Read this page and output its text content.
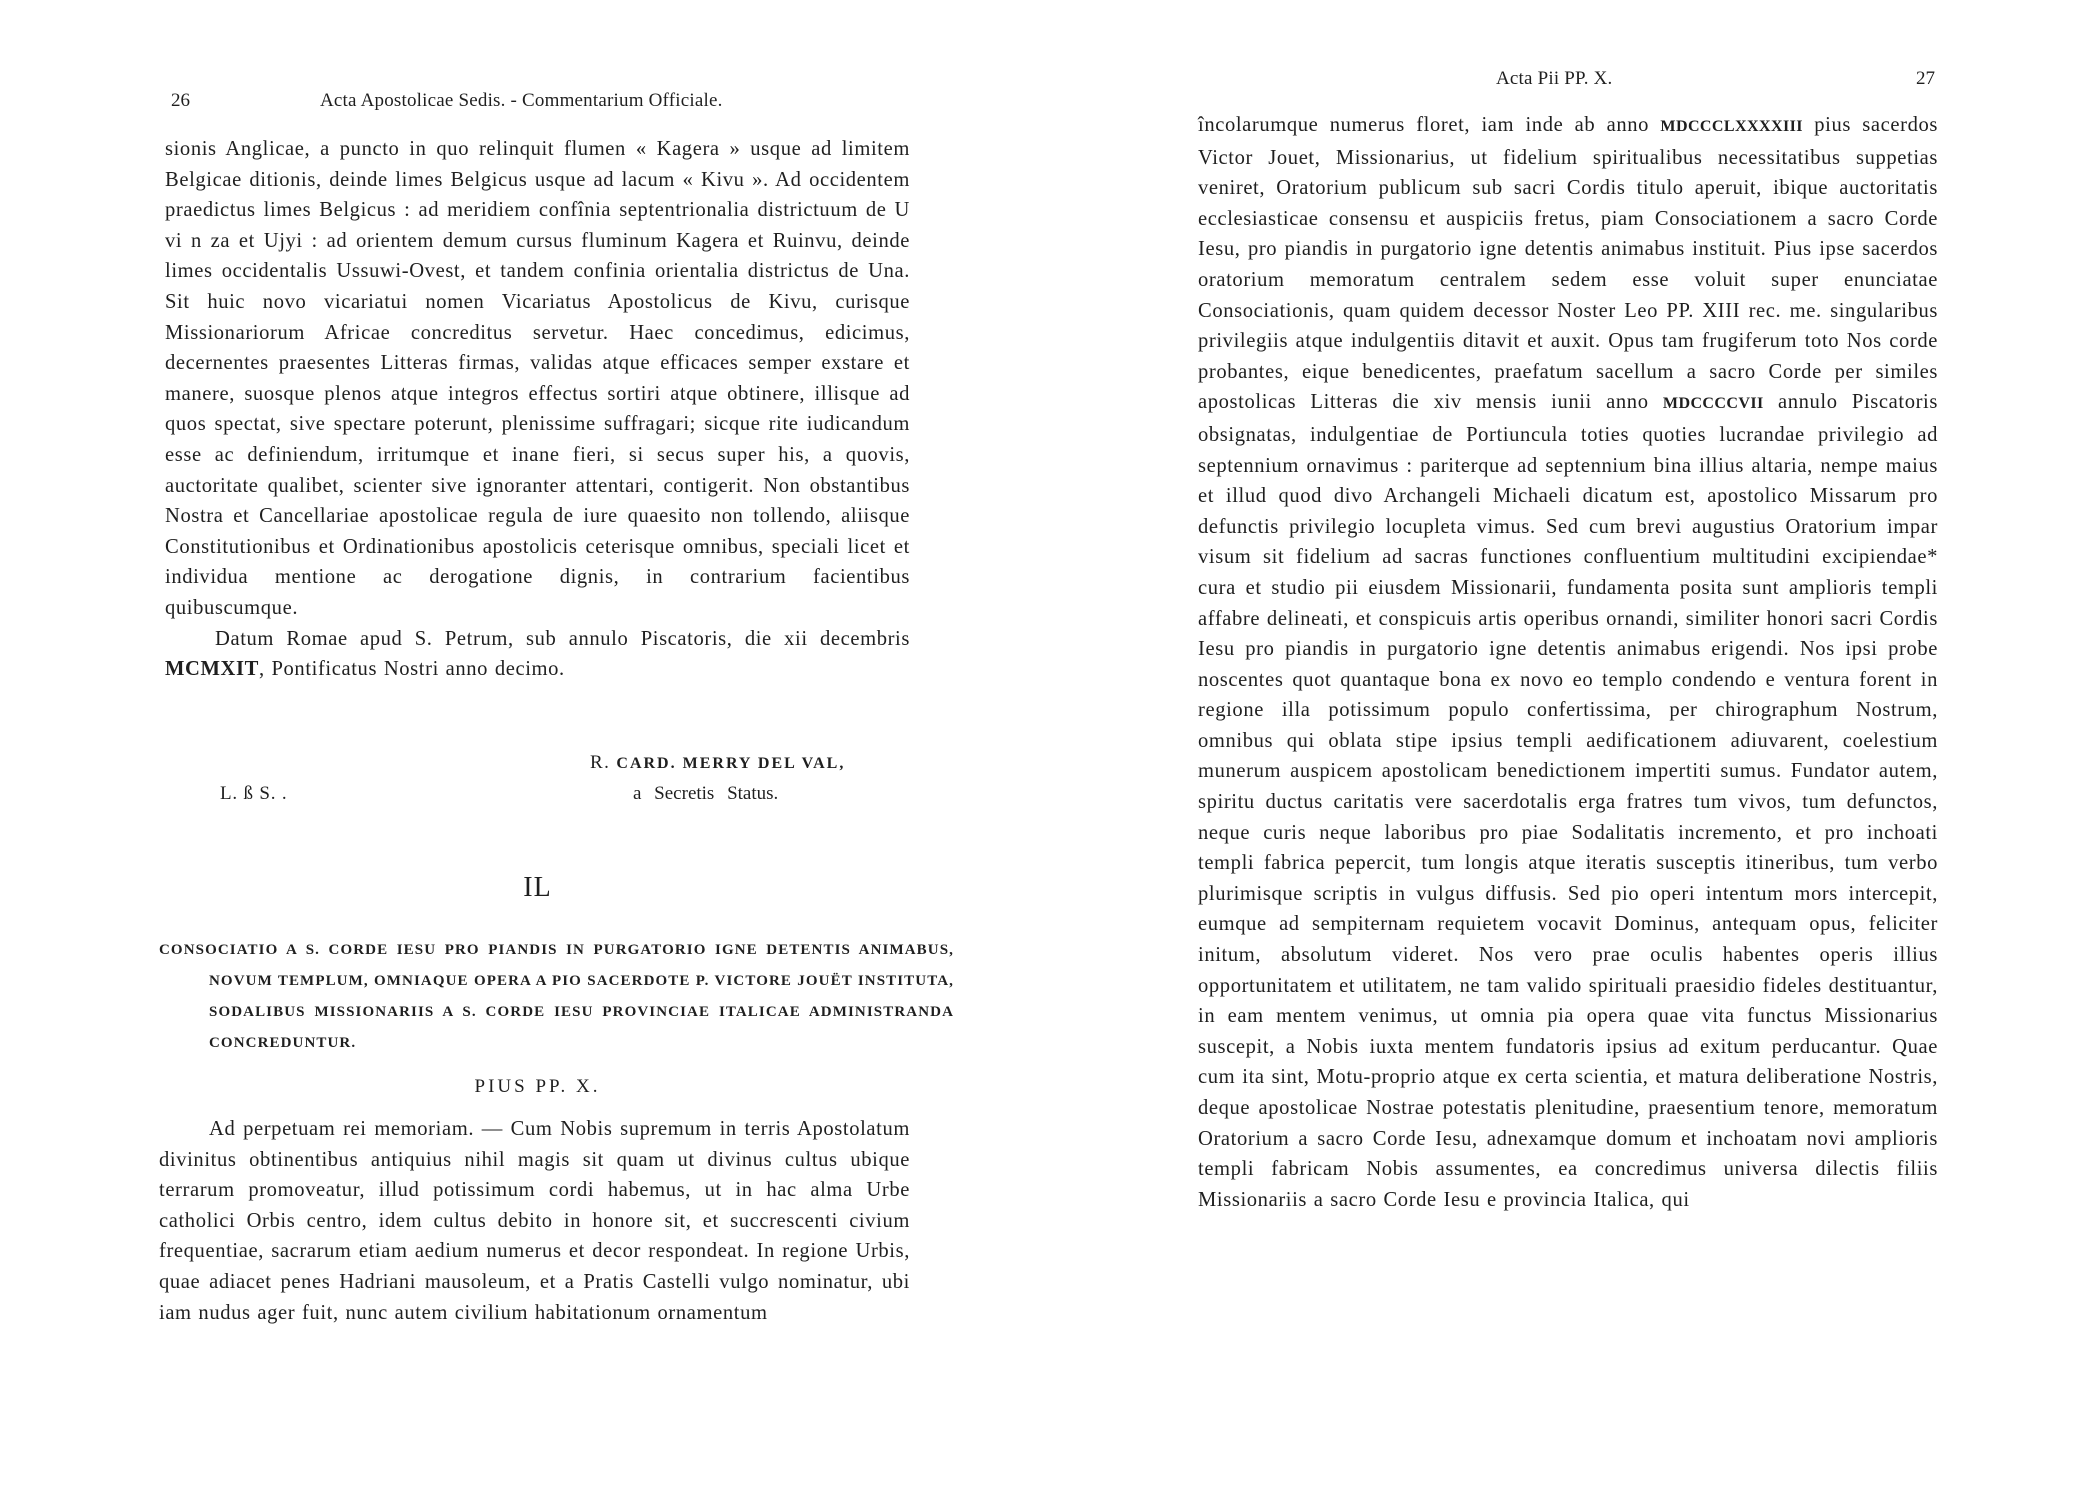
26	Acta Apostolicae Sedis. - Commentarium Officiale.

sionis Anglicae, a puncto in quo relinquit flumen « Kagera » usque ad limitem Belgicae ditionis, deinde limes Belgicus usque ad lacum « Kivu ». Ad occidentem praedictus limes Belgicus : ad meridiem confînia septentrionalia districtuum de U vi n za et Ujyi : ad orientem demum cursus fluminum Kagera et Ruinvu, deinde limes occidentalis Ussuwi-Ovest, et tandem confinia orientalia districtus de Una. Sit huic novo vicariatui nomen Vicariatus Apostolicus de Kivu, curisque Missionariorum Africae concreditus servetur. Haec concedimus, edicimus, decernentes praesentes Litteras firmas, validas atque efficaces semper exstare et manere, suosque plenos atque integros effectus sortiri atque obtinere, illisque ad quos spectat, sive spectare poterunt, plenissime suffragari; sicque rite iudicandum esse ac definiendum, irritumque et inane fieri, si secus super his, a quovis, auctoritate qualibet, scienter sive ignoranter attentari, contigerit. Non obstantibus Nostra et Cancellariae apostolicae regula de iure quaesito non tollendo, aliisque Constitutionibus et Ordinationibus apostolicis ceterisque omnibus, speciali licet et individua mentione ac derogatione dignis, in contrarium facientibus quibuscumque.

Datum Romae apud S. Petrum, sub annulo Piscatoris, die xii decembris MCMXIT, Pontificatus Nostri anno decimo.

R. CARD. MERRY DEL VAL,
L. ß S. .	a Secretis Status.
IL
CONSOCIATIO A S. CORDE IESU PRO PIANDIS IN PURGATORIO IGNE DETENTIS ANIMABUS, NOVUM TEMPLUM, OMNIAQUE OPERA A PIO SACERDOTE P. VICTORE JOUËT INSTITUTA, SODALIBUS MISSIONARIIS A S. CORDE IESU PROVINCIAE ITALICAE ADMINISTRANDA CONCREDUNTUR.
PIUS PP. X.
Ad perpetuam rei memoriam. — Cum Nobis supremum in terris Apostolatum divinitus obtinentibus antiquius nihil magis sit quam ut divinus cultus ubique terrarum promoveatur, illud potissimum cordi habemus, ut in hac alma Urbe catholici Orbis centro, idem cultus debito in honore sit, et succrescenti civium frequentiae, sacrarum etiam aedium numerus et decor respondeat. In regione Urbis, quae adiacet penes Hadriani mausoleum, et a Pratis Castelli vulgo nominatur, ubi iam nudus ager fuit, nunc autem civilium habitationum ornamentum
Acta Pii PP. X.	27
încolarumque numerus floret, iam inde ab anno MDCCCLXXXXIII pius sacerdos Victor Jouet, Missionarius, ut fidelium spiritualibus necessitatibus suppetias veniret, Oratorium publicum sub sacri Cordis titulo aperuit, ibique auctoritatis ecclesiasticae consensu et auspiciis fretus, piam Consociationem a sacro Corde Iesu, pro piandis in purgatorio igne detentis animabus instituit. Pius ipse sacerdos oratorium memoratum centralem sedem esse voluit super enunciatae Consociationis, quam quidem decessor Noster Leo PP. XIII rec. me. singularibus privilegiis atque indulgentiis ditavit et auxit. Opus tam frugiferum toto Nos corde probantes, eique benedicentes, praefatum sacellum a sacro Corde per similes apostolicas Litteras die xiv mensis iunii anno MDCCCCVII annulo Piscatoris obsignatas, indulgentiae de Portiuncula toties quoties lucrandae privilegio ad septennium ornavimus : pariterque ad septennium bina illius altaria, nempe maius et illud quod divo Archangeli Michaeli dicatum est, apostolico Missarum pro defunctis privilegio locupleta vimus. Sed cum brevi augustius Oratorium impar visum sit fidelium ad sacras functiones confluentium multitudini excipiendae* cura et studio pii eiusdem Missionarii, fundamenta posita sunt amplioris templi affabre delineati, et conspicuis artis operibus ornandi, similiter honori sacri Cordis Iesu pro piandis in purgatorio igne detentis animabus erigendi. Nos ipsi probe noscentes quot quantaque bona ex novo eo templo condendo e ventura forent in regione illa potissimum populo confertissima, per chirographum Nostrum, omnibus qui oblata stipe ipsius templi aedificationem adiuvarent, coelestium munerum auspicem apostolicam benedictionem impertiti sumus. Fundator autem, spiritu ductus caritatis vere sacerdotalis erga fratres tum vivos, tum defunctos, neque curis neque laboribus pro piae Sodalitatis incremento, et pro inchoati templi fabrica pepercit, tum longis atque iteratis susceptis itineribus, tum verbo plurimisque scriptis in vulgus diffusis. Sed pio operi intentum mors intercepit, eumque ad sempiternam requietem vocavit Dominus, antequam opus, feliciter initum, absolutum videret. Nos vero prae oculis habentes operis illius opportunitatem et utilitatem, ne tam valido spirituali praesidio fideles destituantur, in eam mentem venimus, ut omnia pia opera quae vita functus Missionarius suscepit, a Nobis iuxta mentem fundatoris ipsius ad exitum perducantur. Quae cum ita sint, Motu-proprio atque ex certa scientia, et matura deliberatione Nostris, deque apostolicae Nostrae potestatis plenitudine, praesentium tenore, memoratum Oratorium a sacro Corde Iesu, adnexamque domum et inchoatam novi amplioris templi fabricam Nobis assumentes, ea concredimus universa dilectis filiis Missionariis a sacro Corde Iesu e provincia Italica, qui
